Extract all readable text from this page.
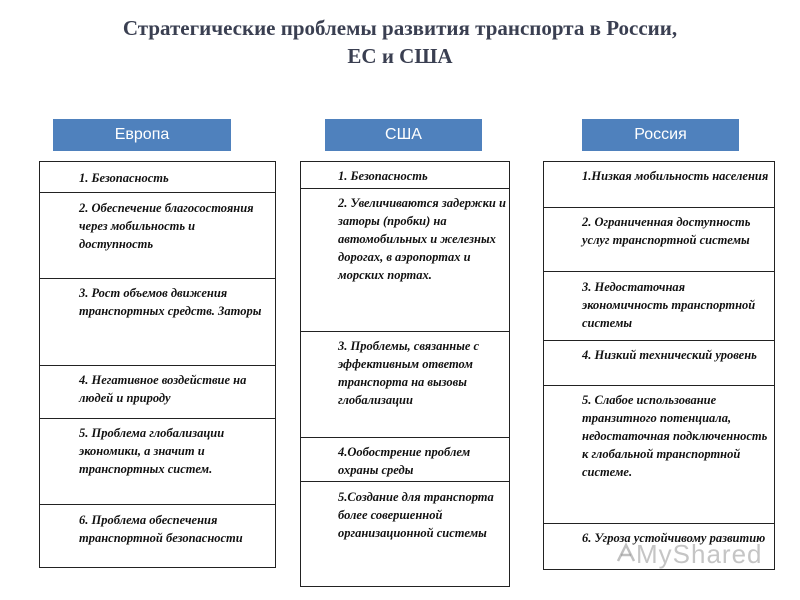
Стратегические проблемы развития транспорта в России,
ЕС и США
Европа
1. Безопасность
2. Обеспечение благосостояния через мобильность и доступность
3. Рост объемов движения транспортных средств. Заторы
4. Негативное воздействие на людей и природу
5. Проблема глобализации экономики, а значит и транспортных систем.
6. Проблема обеспечения транспортной безопасности
США
1. Безопасность
2. Увеличиваются задержки и заторы (пробки) на автомобильных и железных дорогах, в аэропортах и морских портах.
3. Проблемы, связанные с эффективным ответом транспорта на вызовы глобализации
4.Ообострение проблем охраны среды
5.Создание для транспорта более совершенной организационной системы
Россия
1.Низкая мобильность населения
2. Ограниченная доступность услуг транспортной системы
3. Недостаточная экономичность транспортной системы
4. Низкий технический уровень
5. Слабое использование транзитного потенциала, недостаточная подключенность к глобальной транспортной системе.
6. Угроза устойчивому развитию
MyShared
